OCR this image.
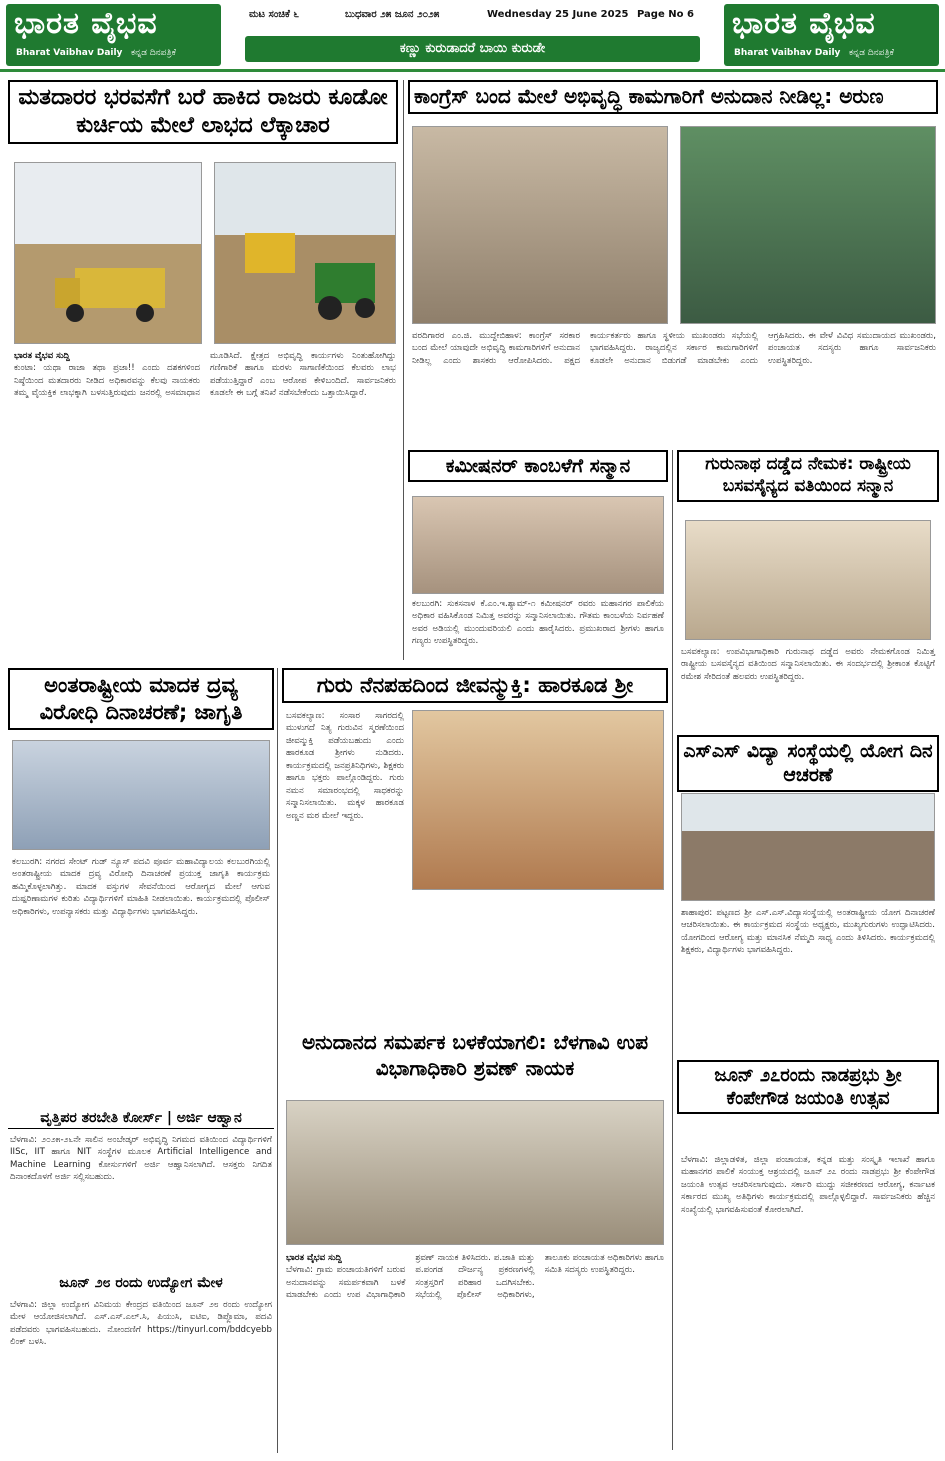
ಭಾರತ ವೈಭವ
Bharat Vaibhav Daily ಕನ್ನಡ ದಿನಪತ್ರಿಕೆ
ಮಟ ಸಂಚಿಕೆ ೬	ಬುಧವಾರ ೨೫ ಜೂನ ೨೦೨೫	Wednesday 25 June 2025 Page No 6
ಕಣ್ಣು ಕುರುಡಾದರೆ ಬಾಯಿ ಕುರುಡೇ
ಭಾರತ ವೈಭವ
Bharat Vaibhav Daily ಕನ್ನಡ ದಿನಪತ್ರಿಕೆ
ಮತದಾರರ ಭರವಸೆಗೆ ಬರೆ ಹಾಕಿದ ರಾಜರು ಕೂಡೋ ಕುರ್ಚಿಯ ಮೇಲೆ ಲಾಭದ ಲೆಕ್ಕಾಚಾರ
ಭಾರತ ವೈಭವ ಸುದ್ದಿ
ಕುಂಟಾ: ಯಥಾ ರಾಜಾ ತಥಾ ಪ್ರಜಾ!! ಎಂದು ದಶಕಗಳಿಂದ ನಿಷ್ಠೆಯಿಂದ ಮತದಾರರು ನೀಡಿದ ಅಧಿಕಾರವನ್ನು ಕೆಲವು ನಾಯಕರು ತಮ್ಮ ವೈಯಕ್ತಿಕ ಲಾಭಕ್ಕಾಗಿ ಬಳಸುತ್ತಿರುವುದು ಜನರಲ್ಲಿ ಅಸಮಾಧಾನ ಮೂಡಿಸಿದೆ. ಕ್ಷೇತ್ರದ ಅಭಿವೃದ್ಧಿ ಕಾರ್ಯಗಳು ನಿಂತುಹೋಗಿದ್ದು ಗಣಿಗಾರಿಕೆ ಹಾಗೂ ಮರಳು ಸಾಗಾಣಿಕೆಯಿಂದ ಕೆಲವರು ಲಾಭ ಪಡೆಯುತ್ತಿದ್ದಾರೆ ಎಂಬ ಆರೋಪ ಕೇಳಿಬಂದಿದೆ. ಸಾರ್ವಜನಿಕರು ಕೂಡಲೇ ಈ ಬಗ್ಗೆ ತನಿಖೆ ನಡೆಸಬೇಕೆಂದು ಒತ್ತಾಯಿಸಿದ್ದಾರೆ.
ಕಾಂಗ್ರೆಸ್ ಬಂದ ಮೇಲೆ ಅಭಿವೃದ್ಧಿ ಕಾಮಗಾರಿಗೆ ಅನುದಾನ ನೀಡಿಲ್ಲ: ಅರುಣ
ವರದಿಗಾರರ ಎಂ.ಜಿ. ಮುದ್ದೇಬಿಹಾಳ: ಕಾಂಗ್ರೆಸ್ ಸರಕಾರ ಬಂದ ಮೇಲೆ ಯಾವುದೇ ಅಭಿವೃದ್ಧಿ ಕಾಮಗಾರಿಗಳಿಗೆ ಅನುದಾನ ನೀಡಿಲ್ಲ ಎಂದು ಶಾಸಕರು ಆರೋಪಿಸಿದರು. ಪಕ್ಷದ ಕಾರ್ಯಕರ್ತರು ಹಾಗೂ ಸ್ಥಳೀಯ ಮುಖಂಡರು ಸಭೆಯಲ್ಲಿ ಭಾಗವಹಿಸಿದ್ದರು. ರಾಜ್ಯದಲ್ಲಿನ ಸರ್ಕಾರ ಕಾಮಗಾರಿಗಳಿಗೆ ಕೂಡಲೇ ಅನುದಾನ ಬಿಡುಗಡೆ ಮಾಡಬೇಕು ಎಂದು ಆಗ್ರಹಿಸಿದರು. ಈ ವೇಳೆ ವಿವಿಧ ಸಮುದಾಯದ ಮುಖಂಡರು, ಪಂಚಾಯತ ಸದಸ್ಯರು ಹಾಗೂ ಸಾರ್ವಜನಿಕರು ಉಪಸ್ಥಿತರಿದ್ದರು.
ಕಮೀಷನರ್ ಕಾಂಬಳೆಗೆ ಸನ್ಮಾನ
ಕಲಬುರಗಿ: ಸುಕಸನಾಳ ಕೆ.ಎಂ.ಇ.ಶ್ಯಾಮ್-೧ ಕಮೀಷನರ್ ರವರು ಮಹಾನಗರ ಪಾಲಿಕೆಯ ಅಧಿಕಾರ ವಹಿಸಿಕೊಂಡ ನಿಮಿತ್ತ ಅವರನ್ನು ಸನ್ಮಾನಿಸಲಾಯಿತು. ಗೌತಮ ಕಾಂಬಳೆಯ ನಿರ್ವಹಣೆ ಅವರ ಅಡಿಯಲ್ಲಿ ಮುಂದುವರಿಯಲಿ ಎಂದು ಹಾರೈಸಿದರು. ಪ್ರಮುಖರಾದ ಶ್ರೀಗಳು ಹಾಗೂ ಗಣ್ಯರು ಉಪಸ್ಥಿತರಿದ್ದರು.
ಗುರುನಾಥ ದಡ್ಡೆದ ನೇಮಕ: ರಾಷ್ಟ್ರೀಯ ಬಸವಸೈನ್ಯದ ವತಿಯಿಂದ ಸನ್ಮಾನ
ಬಸವಕಲ್ಯಾಣ: ಉಪವಿಭಾಗಾಧಿಕಾರಿ ಗುರುನಾಥ ದಡ್ಡೆದ ಅವರು ನೇಮಕಗೊಂಡ ನಿಮಿತ್ತ ರಾಷ್ಟ್ರೀಯ ಬಸವಸೈನ್ಯದ ವತಿಯಿಂದ ಸನ್ಮಾನಿಸಲಾಯಿತು. ಈ ಸಂದರ್ಭದಲ್ಲಿ ಶ್ರೀಕಾಂತ ಕೊಟ್ಟಿಗೆ ರಮೇಶ ಸೇರಿದಂತೆ ಹಲವರು ಉಪಸ್ಥಿತರಿದ್ದರು.
ಅಂತರಾಷ್ಟ್ರೀಯ ಮಾದಕ ದ್ರವ್ಯ ವಿರೋಧಿ ದಿನಾಚರಣೆ; ಜಾಗೃತಿ
ಕಲಬುರಗಿ: ನಗರದ ಸೇಂಟ್ ಗುಡ್ ನ್ಯೂಸ್ ಪದವಿ ಪೂರ್ವ ಮಹಾವಿದ್ಯಾಲಯ ಕಲಬುರಗಿಯಲ್ಲಿ ಅಂತರಾಷ್ಟ್ರೀಯ ಮಾದಕ ದ್ರವ್ಯ ವಿರೋಧಿ ದಿನಾಚರಣೆ ಪ್ರಯುಕ್ತ ಜಾಗೃತಿ ಕಾರ್ಯಕ್ರಮ ಹಮ್ಮಿಕೊಳ್ಳಲಾಗಿತ್ತು. ಮಾದಕ ವಸ್ತುಗಳ ಸೇವನೆಯಿಂದ ಆರೋಗ್ಯದ ಮೇಲೆ ಆಗುವ ದುಷ್ಪರಿಣಾಮಗಳ ಕುರಿತು ವಿದ್ಯಾರ್ಥಿಗಳಿಗೆ ಮಾಹಿತಿ ನೀಡಲಾಯಿತು. ಕಾರ್ಯಕ್ರಮದಲ್ಲಿ ಪೊಲೀಸ್ ಅಧಿಕಾರಿಗಳು, ಉಪನ್ಯಾಸಕರು ಮತ್ತು ವಿದ್ಯಾರ್ಥಿಗಳು ಭಾಗವಹಿಸಿದ್ದರು.
ಗುರು ನೆನಪಹದಿಂದ ಜೀವನ್ಮುಕ್ತಿ: ಹಾರಕೂಡ ಶ್ರೀ
ಬಸವಕಲ್ಯಾಣ: ಸಂಸಾರ ಸಾಗರದಲ್ಲಿ ಮುಳುಗದೆ ನಿತ್ಯ ಗುರುವಿನ ಸ್ಮರಣೆಯಿಂದ ಜೀವನ್ಮುಕ್ತಿ ಪಡೆಯಬಹುದು ಎಂದು ಹಾರಕೂಡ ಶ್ರೀಗಳು ನುಡಿದರು. ಕಾರ್ಯಕ್ರಮದಲ್ಲಿ ಜನಪ್ರತಿನಿಧಿಗಳು, ಶಿಕ್ಷಕರು ಹಾಗೂ ಭಕ್ತರು ಪಾಲ್ಗೊಂಡಿದ್ದರು. ಗುರು ನಮನ ಸಮಾರಂಭದಲ್ಲಿ ಸಾಧಕರನ್ನು ಸನ್ಮಾನಿಸಲಾಯಿತು. ಮಕ್ಕಳ ಹಾರಕೂಡ ಅಣ್ಣನ ಮಠ ಮೇಲೆ ಇದ್ದರು.
ಎಸ್ಎಸ್ ವಿದ್ಯಾ ಸಂಸ್ಥೆಯಲ್ಲಿ ಯೋಗ ದಿನ ಆಚರಣೆ
ಶಾಹಾಪುರ: ಪಟ್ಟಣದ ಶ್ರೀ ಎಸ್.ಎಸ್.ವಿದ್ಯಾಸಂಸ್ಥೆಯಲ್ಲಿ ಅಂತರಾಷ್ಟ್ರೀಯ ಯೋಗ ದಿನಾಚರಣೆ ಆಚರಿಸಲಾಯಿತು. ಈ ಕಾರ್ಯಕ್ರಮದ ಸಂಸ್ಥೆಯ ಅಧ್ಯಕ್ಷರು, ಮುಖ್ಯಗುರುಗಳು ಉದ್ಘಾಟಿಸಿದರು. ಯೋಗದಿಂದ ಆರೋಗ್ಯ ಮತ್ತು ಮಾನಸಿಕ ನೆಮ್ಮದಿ ಸಾಧ್ಯ ಎಂದು ತಿಳಿಸಿದರು. ಕಾರ್ಯಕ್ರಮದಲ್ಲಿ ಶಿಕ್ಷಕರು, ವಿದ್ಯಾರ್ಥಿಗಳು ಭಾಗವಹಿಸಿದ್ದರು.
ವೃತ್ತಿಪರ ತರಬೇತಿ ಕೋರ್ಸ್ | ಅರ್ಜಿ ಆಹ್ವಾನ
ಬೆಳಗಾವಿ: ೨೦೨೫-೨೬ನೇ ಸಾಲಿನ ಅಂಬೇಡ್ಕರ್ ಅಭಿವೃದ್ಧಿ ನಿಗಮದ ವತಿಯಿಂದ ವಿದ್ಯಾರ್ಥಿಗಳಿಗೆ IISc, IIT ಹಾಗೂ NIT ಸಂಸ್ಥೆಗಳ ಮೂಲಕ Artificial Intelligence and Machine Learning ಕೋರ್ಸುಗಳಿಗೆ ಅರ್ಜಿ ಆಹ್ವಾನಿಸಲಾಗಿದೆ. ಆಸಕ್ತರು ನಿಗದಿತ ದಿನಾಂಕದೊಳಗೆ ಅರ್ಜಿ ಸಲ್ಲಿಸಬಹುದು.
ಜೂನ್ ೨೮ ರಂದು ಉದ್ಯೋಗ ಮೇಳ
ಬೆಳಗಾವಿ: ಜಿಲ್ಲಾ ಉದ್ಯೋಗ ವಿನಿಮಯ ಕೇಂದ್ರದ ವತಿಯಿಂದ ಜೂನ್ ೨೮ ರಂದು ಉದ್ಯೋಗ ಮೇಳ ಆಯೋಜಿಸಲಾಗಿದೆ. ಎಸ್.ಎಸ್.ಎಲ್.ಸಿ, ಪಿಯುಸಿ, ಐಟಿಐ, ಡಿಪ್ಲೊಮಾ, ಪದವಿ ಪಡೆದವರು ಭಾಗವಹಿಸಬಹುದು. ನೋಂದಣಿಗೆ https://tinyurl.com/bddcyebb ಲಿಂಕ್ ಬಳಸಿ.
ಅನುದಾನದ ಸಮರ್ಪಕ ಬಳಕೆಯಾಗಲಿ: ಬೆಳಗಾವಿ ಉಪ ವಿಭಾಗಾಧಿಕಾರಿ ಶ್ರವಣ್ ನಾಯಕ
ಭಾರತ ವೈಭವ ಸುದ್ದಿ
ಬೆಳಗಾವಿ: ಗ್ರಾಮ ಪಂಚಾಯತಿಗಳಿಗೆ ಬರುವ ಅನುದಾನವನ್ನು ಸಮರ್ಪಕವಾಗಿ ಬಳಕೆ ಮಾಡಬೇಕು ಎಂದು ಉಪ ವಿಭಾಗಾಧಿಕಾರಿ ಶ್ರವಣ್ ನಾಯಕ ತಿಳಿಸಿದರು. ಪ.ಜಾತಿ ಮತ್ತು ಪ.ಪಂಗಡ ದೌರ್ಜನ್ಯ ಪ್ರಕರಣಗಳಲ್ಲಿ ಸಂತ್ರಸ್ತರಿಗೆ ಪರಿಹಾರ ಒದಗಿಸಬೇಕು. ಸಭೆಯಲ್ಲಿ ಪೊಲೀಸ್ ಅಧಿಕಾರಿಗಳು, ತಾಲೂಕು ಪಂಚಾಯತ ಅಧಿಕಾರಿಗಳು ಹಾಗೂ ಸಮಿತಿ ಸದಸ್ಯರು ಉಪಸ್ಥಿತರಿದ್ದರು.
ಜೂನ್ ೨೭ರಂದು ನಾಡಪ್ರಭು ಶ್ರೀ ಕೆಂಪೇಗೌಡ ಜಯಂತಿ ಉತ್ಸವ
ಬೆಳಗಾವಿ: ಜಿಲ್ಲಾಡಳಿತ, ಜಿಲ್ಲಾ ಪಂಚಾಯತ, ಕನ್ನಡ ಮತ್ತು ಸಂಸ್ಕೃತಿ ಇಲಾಖೆ ಹಾಗೂ ಮಹಾನಗರ ಪಾಲಿಕೆ ಸಂಯುಕ್ತ ಆಶ್ರಯದಲ್ಲಿ ಜೂನ್ ೨೭ ರಂದು ನಾಡಪ್ರಭು ಶ್ರೀ ಕೆಂಪೇಗೌಡ ಜಯಂತಿ ಉತ್ಸವ ಆಚರಿಸಲಾಗುವುದು. ಸರ್ಕಾರಿ ಮುದ್ದು ಸಜೀಕರಣದ ಆರೋಗ್ಯ, ಕರ್ನಾಟಕ ಸರ್ಕಾರದ ಮುಖ್ಯ ಅತಿಥಿಗಳು ಕಾರ್ಯಕ್ರಮದಲ್ಲಿ ಪಾಲ್ಗೊಳ್ಳಲಿದ್ದಾರೆ. ಸಾರ್ವಜನಿಕರು ಹೆಚ್ಚಿನ ಸಂಖ್ಯೆಯಲ್ಲಿ ಭಾಗವಹಿಸುವಂತೆ ಕೋರಲಾಗಿದೆ.
